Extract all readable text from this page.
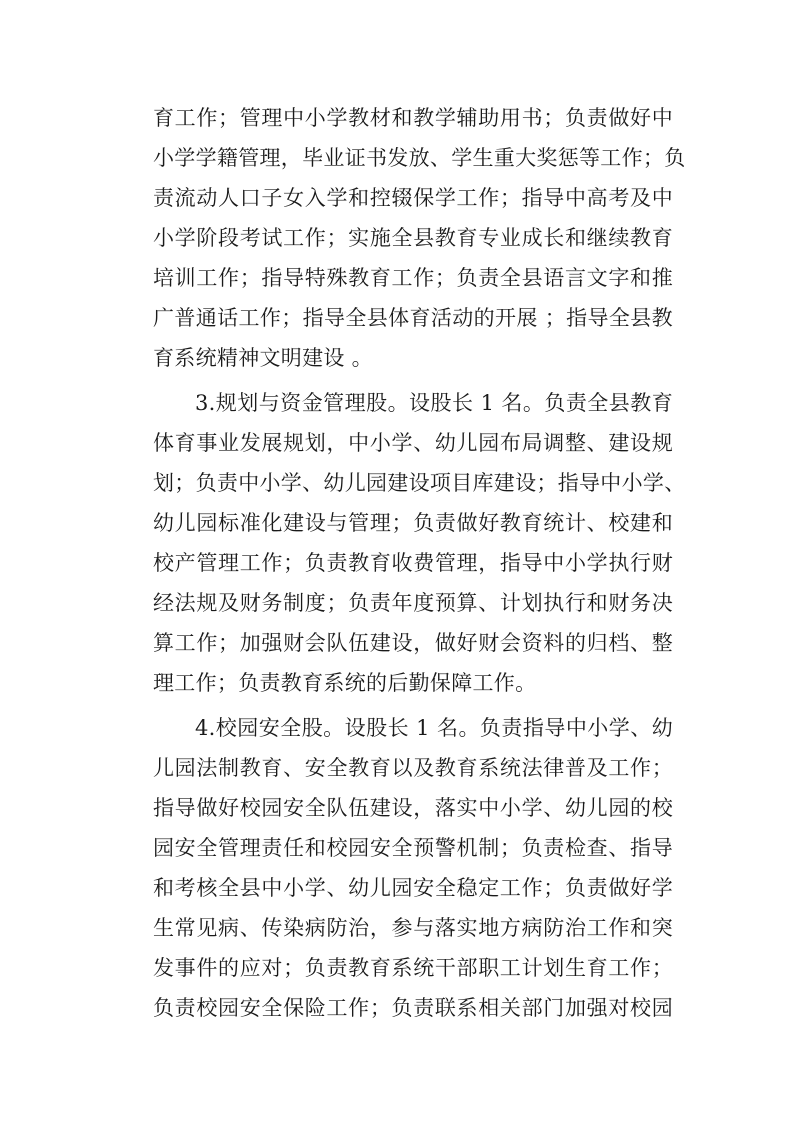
育工作；管理中小学教材和教学辅助用书；负责做好中
小学学籍管理，毕业证书发放、学生重大奖惩等工作；负
责流动人口子女入学和控辍保学工作；指导中高考及中
小学阶段考试工作；实施全县教育专业成长和继续教育
培训工作；指导特殊教育工作；负责全县语言文字和推
广普通话工作；指导全县体育活动的开展 ；指导全县教
育系统精神文明建设 。
3.规划与资金管理股。设股长 1 名。负责全县教育
体育事业发展规划，中小学、幼儿园布局调整、建设规
划；负责中小学、幼儿园建设项目库建设；指导中小学、
幼儿园标准化建设与管理；负责做好教育统计、校建和
校产管理工作；负责教育收费管理，指导中小学执行财
经法规及财务制度；负责年度预算、计划执行和财务决
算工作；加强财会队伍建设，做好财会资料的归档、整
理工作；负责教育系统的后勤保障工作。
4.校园安全股。设股长 1 名。负责指导中小学、幼
儿园法制教育、安全教育以及教育系统法律普及工作；
指导做好校园安全队伍建设，落实中小学、幼儿园的校
园安全管理责任和校园安全预警机制；负责检查、指导
和考核全县中小学、幼儿园安全稳定工作；负责做好学
生常见病、传染病防治，参与落实地方病防治工作和突
发事件的应对；负责教育系统干部职工计划生育工作；
负责校园安全保险工作；负责联系相关部门加强对校园
